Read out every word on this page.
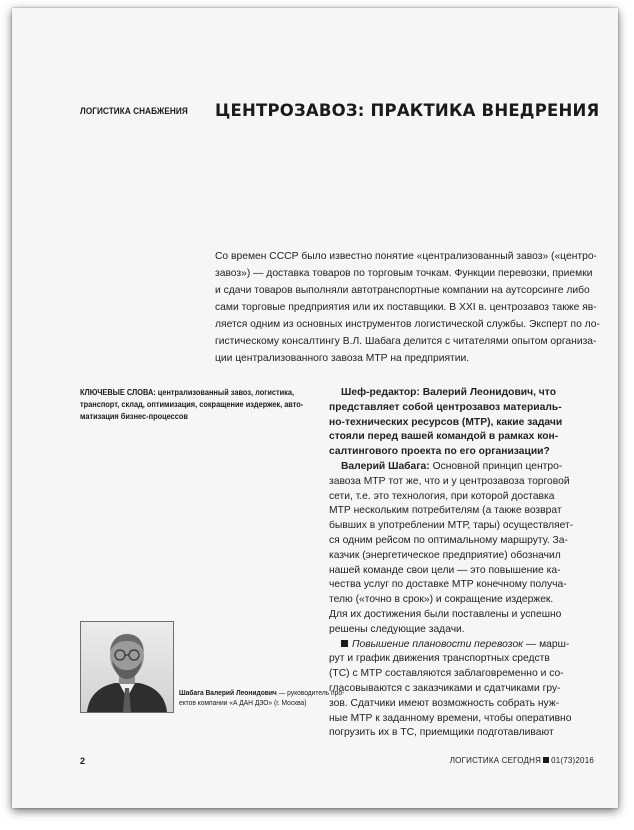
ЛОГИСТИКА СНАБЖЕНИЯ ЦЕНТРОЗАВОЗ: ПРАКТИКА ВНЕДРЕНИЯ
Со времен СССР было известно понятие «централизованный завоз» («центро-
завоз») — доставка товаров по торговым точкам. Функции перевозки, приемки
и сдачи товаров выполняли автотранспортные компании на аутсорсинге либо
сами торговые предприятия или их поставщики. В XXI в. центрозавоз также яв-
ляется одним из основных инструментов логистической службы. Эксперт по ло-
гистическому консалтингу В.Л. Шабага делится с читателями опытом организа-
ции централизованного завоза МТР на предприятии.
КЛЮЧЕВЫЕ СЛОВА: централизованный завоз, логистика,
транспорт, склад, оптимизация, сокращение издержек, авто-
матизация бизнес-процессов
Шеф-редактор: Валерий Леонидович, что
представляет собой центрозавоз материаль-
но-технических ресурсов (МТР), какие задачи
стояли перед вашей командой в рамках кон-
салтингового проекта по его организации?
Валерий Шабага: Основной принцип центро-
завоза МТР тот же, что и у центрозавоза торговой
сети, т.е. это технология, при которой доставка
МТР нескольким потребителям (а также возврат
бывших в употреблении МТР, тары) осуществляет-
ся одним рейсом по оптимальному маршруту. За-
казчик (энергетическое предприятие) обозначил
нашей команде свои цели — это повышение ка-
чества услуг по доставке МТР конечному получа-
телю («точно в срок») и сокращение издержек.
Для их достижения были поставлены и успешно
решены следующие задачи.
Повышение плановости перевозок — марш-
рут и график движения транспортных средств
(ТС) с МТР составляются заблаговременно и со-
гласовываются с заказчиками и сдатчиками гру-
зов. Сдатчики имеют возможность собрать нуж-
ные МТР к заданному времени, чтобы оперативно
погрузить их в ТС, приемщики подготавливают
Шабага Валерий Леонидович — руководитель про-
ектов компании «А ДАН ДЗО» (г. Москва)
2	ЛОГИСТИКА СЕГОДНЯ 01(73)2016
